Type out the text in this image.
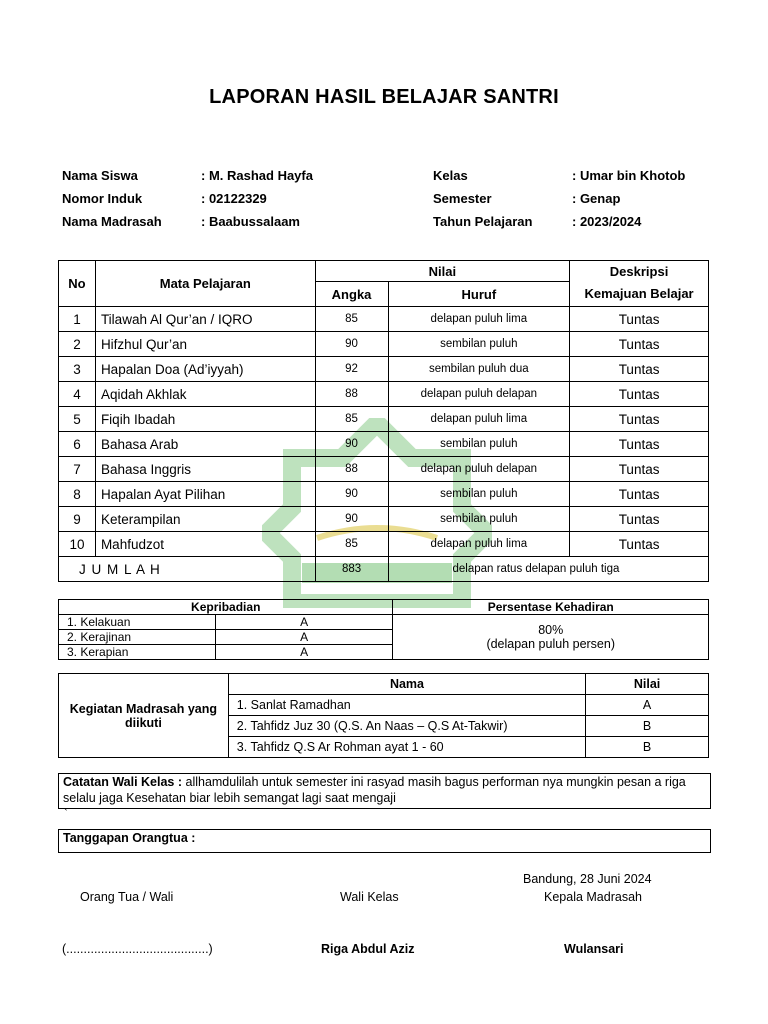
LAPORAN HASIL BELAJAR SANTRI
Nama Siswa	: M. Rashad Hayfa
Nomor Induk	: 02122329
Nama Madrasah	: Baabussalaam
Kelas	: Umar bin Khotob
Semester	: Genap
Tahun Pelajaran	: 2023/2024
No	Mata Pelajaran	Nilai		Deskripsi
		Angka	Huruf	Kemajuan Belajar
1	Tilawah Al Qur’an / IQRO	85	delapan puluh lima	Tuntas
2	Hifzhul Qur’an	90	sembilan puluh	Tuntas
3	Hapalan Doa (Ad’iyyah)	92	sembilan puluh dua	Tuntas
4	Aqidah Akhlak	88	delapan puluh delapan	Tuntas
5	Fiqih Ibadah	85	delapan puluh lima	Tuntas
6	Bahasa Arab	90	sembilan puluh	Tuntas
7	Bahasa Inggris	88	delapan puluh delapan	Tuntas
8	Hapalan Ayat Pilihan	90	sembilan puluh	Tuntas
9	Keterampilan	90	sembilan puluh	Tuntas
10	Mahfudzot	85	delapan puluh lima	Tuntas
J U M L A H		883	delapan ratus delapan puluh tiga	
Kepribadian		Persentase Kehadiran
1. Kelakuan	A	80%
(delapan puluh persen)

2. Kerajinan	A	
3. Kerapian	A	
Kegiatan Madrasah yang diikuti	Nama	Nilai
	1. Sanlat Ramadhan	A
	2. Tahfidz Juz 30 (Q.S. An Naas – Q.S At-Takwir)	B
	3. Tahfidz Q.S Ar Rohman ayat 1 - 60	B
Catatan Wali Kelas : allhamdulilah untuk semester ini rasyad masih bagus performan nya mungkin pesan a riga selalu jaga Kesehatan biar lebih semangat lagi saat mengaji
`
Tanggapan Orangtua :
Bandung, 28 Juni 2024
Orang Tua / Wali	Wali Kelas	Kepala Madrasah
(.........................................)	Riga Abdul Aziz	Wulansari
